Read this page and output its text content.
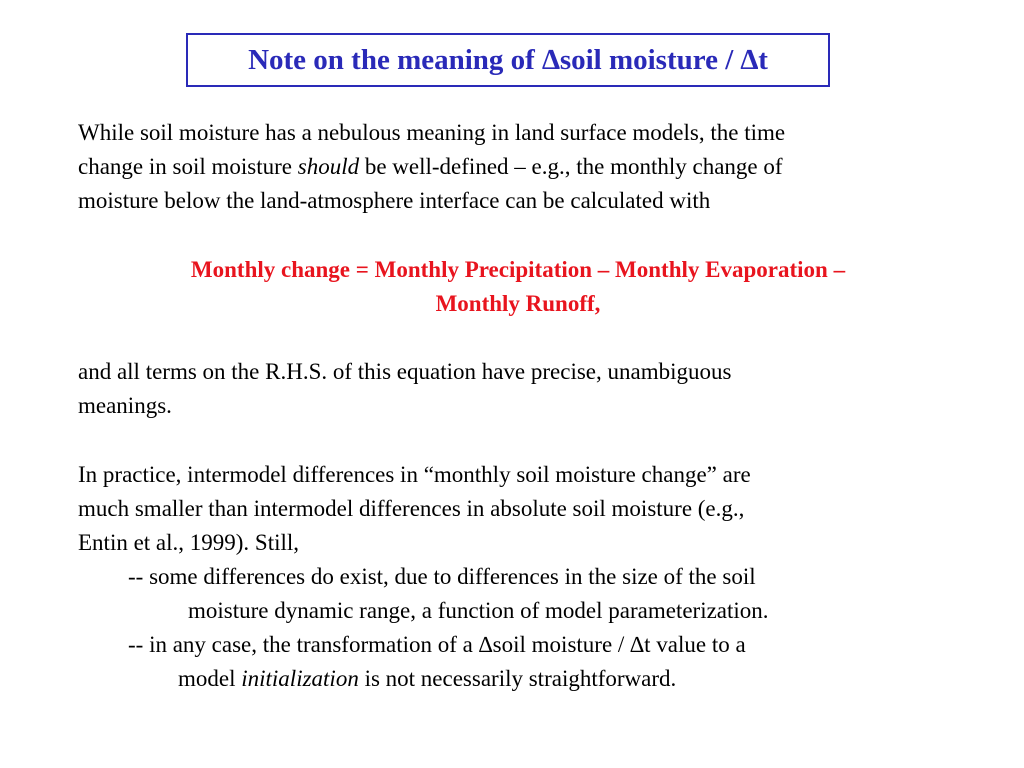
Note on the meaning of ∆soil moisture / ∆t
While soil moisture has a nebulous meaning in land surface models, the time
change in soil moisture should be well-defined – e.g., the monthly change of
moisture below the land-atmosphere interface can be calculated with
Monthly change = Monthly Precipitation – Monthly Evaporation –
Monthly Runoff,
and all terms on the R.H.S. of this equation have precise, unambiguous
meanings.
In practice, intermodel differences in “monthly soil moisture change” are
much smaller than intermodel differences in absolute soil moisture (e.g.,
Entin et al., 1999). Still,
-- some differences do exist, due to differences in the size of the soil
moisture dynamic range, a function of model parameterization.
-- in any case, the transformation of a ∆soil moisture / ∆t value to a
model initialization is not necessarily straightforward.
